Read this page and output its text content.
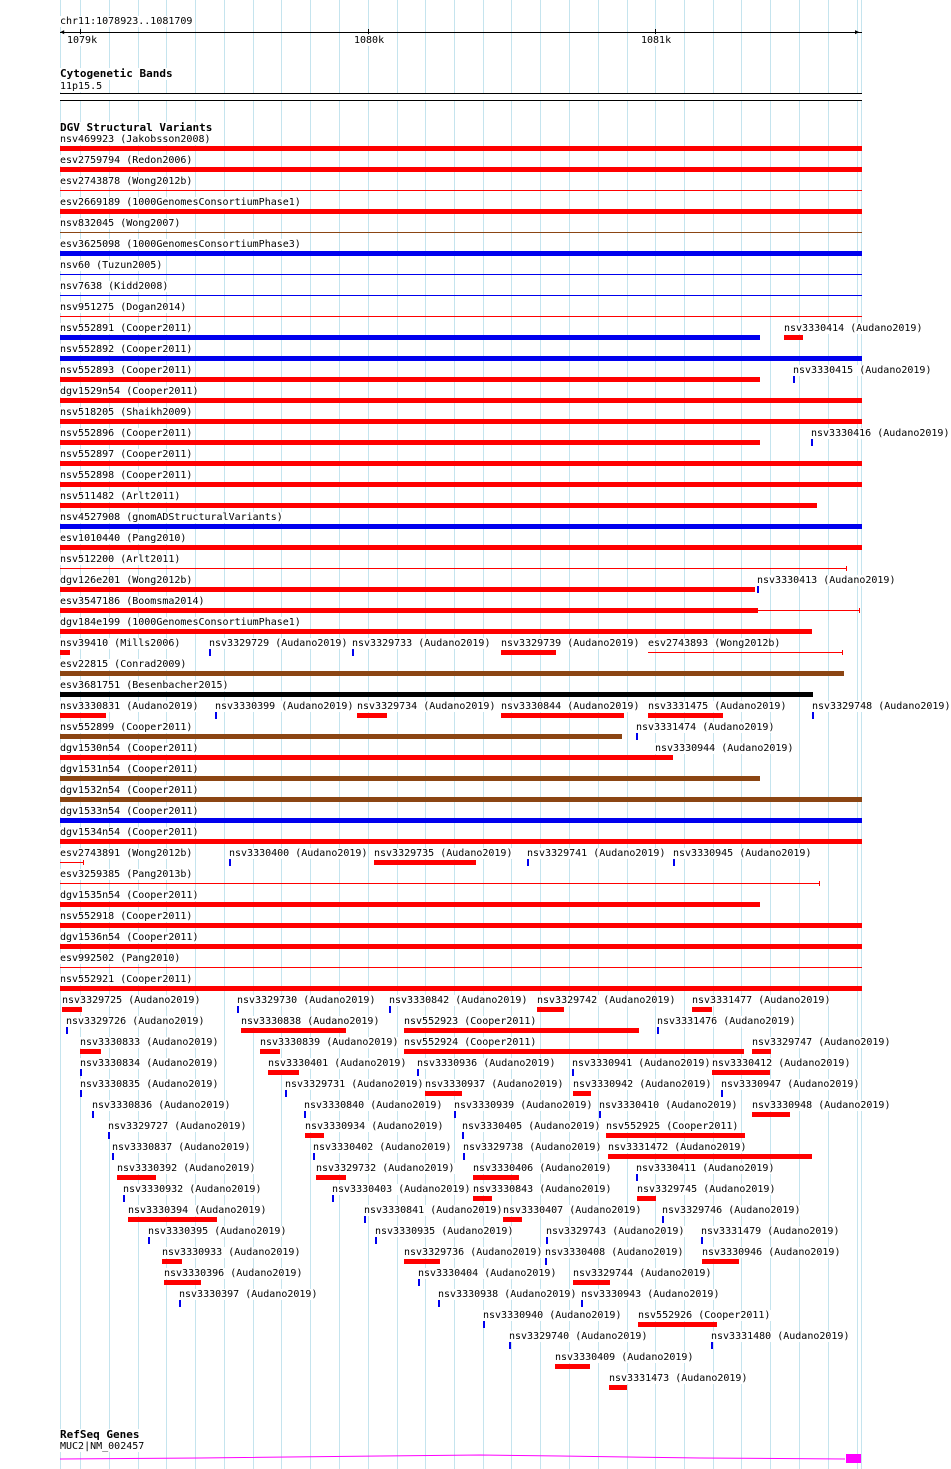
chr11:1078923..1081709
◀	▶
1079k	1080k	1081k
Cytogenetic Bands
11p15.5
DGV Structural Variants
nsv469923 (Jakobsson2008)
esv2759794 (Redon2006)
esv2743878 (Wong2012b)
esv2669189 (1000GenomesConsortiumPhase1)
nsv832045 (Wong2007)
esv3625098 (1000GenomesConsortiumPhase3)
nsv60 (Tuzun2005)
nsv7638 (Kidd2008)
nsv951275 (Dogan2014)
nsv552891 (Cooper2011)	nsv3330414 (Audano2019)
nsv552892 (Cooper2011)
nsv552893 (Cooper2011)	nsv3330415 (Audano2019)
dgv1529n54 (Cooper2011)
nsv518205 (Shaikh2009)
nsv552896 (Cooper2011)	nsv3330416 (Audano2019)
nsv552897 (Cooper2011)
nsv552898 (Cooper2011)
nsv511482 (Arlt2011)
nsv4527908 (gnomADStructuralVariants)
esv1010440 (Pang2010)
nsv512200 (Arlt2011)
dgv126e201 (Wong2012b)	nsv3330413 (Audano2019)
esv3547186 (Boomsma2014)
dgv184e199 (1000GenomesConsortiumPhase1)
nsv39410 (Mills2006)	nsv3329729 (Audano2019) nsv3329733 (Audano2019) nsv3329739 (Audano2019) esv2743893 (Wong2012b)
esv22815 (Conrad2009)
esv3681751 (Besenbacher2015)
nsv3330831 (Audano2019) nsv3330399 (Audano2019) nsv3329734 (Audano2019) nsv3330844 (Audano2019) nsv3331475 (Audano2019)	nsv3329748 (Audano2019)
nsv552899 (Cooper2011)	nsv3331474 (Audano2019)
dgv1530n54 (Cooper2011)	nsv3330944 (Audano2019)
dgv1531n54 (Cooper2011)
dgv1532n54 (Cooper2011)
dgv1533n54 (Cooper2011)
dgv1534n54 (Cooper2011)
esv2743891 (Wong2012b)	nsv3330400 (Audano2019) nsv3329735 (Audano2019) nsv3329741 (Audano2019) nsv3330945 (Audano2019)
esv3259385 (Pang2013b)
dgv1535n54 (Cooper2011)
nsv552918 (Cooper2011)
dgv1536n54 (Cooper2011)
esv992502 (Pang2010)
nsv552921 (Cooper2011)
nsv3329725 (Audano2019)	nsv3329730 (Audano2019) nsv3330842 (Audano2019) nsv3329742 (Audano2019) nsv3331477 (Audano2019)
nsv3329726 (Audano2019)	nsv3330838 (Audano2019) nsv552923 (Cooper2011)	nsv3331476 (Audano2019)
nsv3330833 (Audano2019)	nsv3330839 (Audano2019) nsv552924 (Cooper2011)	nsv3329747 (Audano2019)
nsv3330834 (Audano2019)	nsv3330401 (Audano2019) nsv3330936 (Audano2019) nsv3330941 (Audano2019) nsv3330412 (Audano2019)
nsv3330835 (Audano2019)	nsv3329731 (Audano2019) nsv3330937 (Audano2019) nsv3330942 (Audano2019) nsv3330947 (Audano2019)
nsv3330836 (Audano2019)	nsv3330840 (Audano2019) nsv3330939 (Audano2019) nsv3330410 (Audano2019) nsv3330948 (Audano2019)
nsv3329727 (Audano2019)	nsv3330934 (Audano2019) nsv3330405 (Audano2019) nsv552925 (Cooper2011)
nsv3330837 (Audano2019)	nsv3330402 (Audano2019) nsv3329738 (Audano2019) nsv3331472 (Audano2019)
nsv3330392 (Audano2019)	nsv3329732 (Audano2019) nsv3330406 (Audano2019) nsv3330411 (Audano2019)
nsv3330932 (Audano2019)	nsv3330403 (Audano2019) nsv3330843 (Audano2019)	nsv3329745 (Audano2019)
nsv3330394 (Audano2019)	nsv3330841 (Audano2019) nsv3330407 (Audano2019) nsv3329746 (Audano2019)
nsv3330395 (Audano2019)	nsv3330935 (Audano2019)	nsv3329743 (Audano2019) nsv3331479 (Audano2019)
nsv3330933 (Audano2019)	nsv3329736 (Audano2019) nsv3330408 (Audano2019) nsv3330946 (Audano2019)
nsv3330396 (Audano2019)	nsv3330404 (Audano2019) nsv3329744 (Audano2019)
nsv3330397 (Audano2019)	nsv3330938 (Audano2019) nsv3330943 (Audano2019)
nsv3330940 (Audano2019) nsv552926 (Cooper2011)
nsv3329740 (Audano2019)	nsv3331480 (Audano2019)
nsv3330409 (Audano2019)
nsv3331473 (Audano2019)
RefSeq Genes
MUC2|NM_002457
